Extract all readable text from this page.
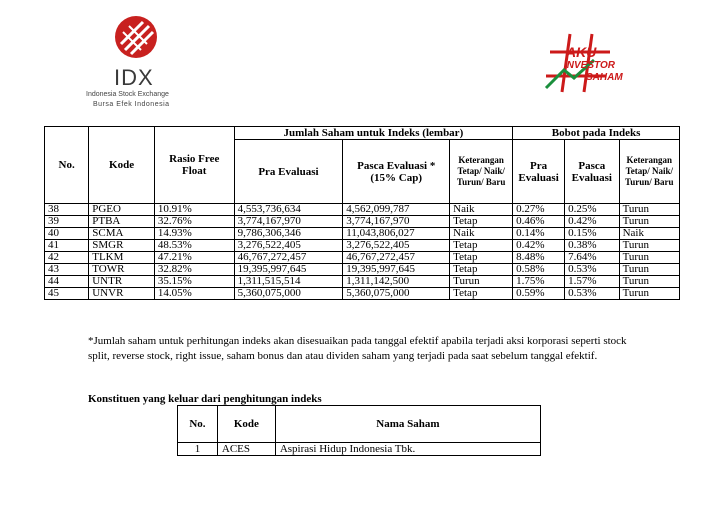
IDX
Indonesia Stock Exchange
Bursa Efek Indonesia
AKU
INVESTOR
SAHAM
No.	Kode	Rasio Free Float	Jumlah Saham untuk Indeks (lembar)			Bobot pada Indeks		
			Pra Evaluasi	Pasca Evaluasi * (15% Cap)	Keterangan Tetap/ Naik/ Turun/ Baru	Pra Evaluasi	Pasca Evaluasi	Keterangan Tetap/ Naik/ Turun/ Baru
38	PGEO	10.91%	4,553,736,634	4,562,099,787	Naik	0.27%	0.25%	Turun
39	PTBA	32.76%	3,774,167,970	3,774,167,970	Tetap	0.46%	0.42%	Turun
40	SCMA	14.93%	9,786,306,346	11,043,806,027	Naik	0.14%	0.15%	Naik
41	SMGR	48.53%	3,276,522,405	3,276,522,405	Tetap	0.42%	0.38%	Turun
42	TLKM	47.21%	46,767,272,457	46,767,272,457	Tetap	8.48%	7.64%	Turun
43	TOWR	32.82%	19,395,997,645	19,395,997,645	Tetap	0.58%	0.53%	Turun
44	UNTR	35.15%	1,311,515,514	1,311,142,500	Turun	1.75%	1.57%	Turun
45	UNVR	14.05%	5,360,075,000	5,360,075,000	Tetap	0.59%	0.53%	Turun
*Jumlah saham untuk perhitungan indeks akan disesuaikan pada tanggal efektif apabila terjadi aksi korporasi seperti stock split, reverse stock, right issue, saham bonus dan atau dividen saham yang terjadi pada saat sebelum tanggal efektif.
Konstituen yang keluar dari penghitungan indeks
No.	Kode	Nama Saham
1	ACES	Aspirasi Hidup Indonesia Tbk.
